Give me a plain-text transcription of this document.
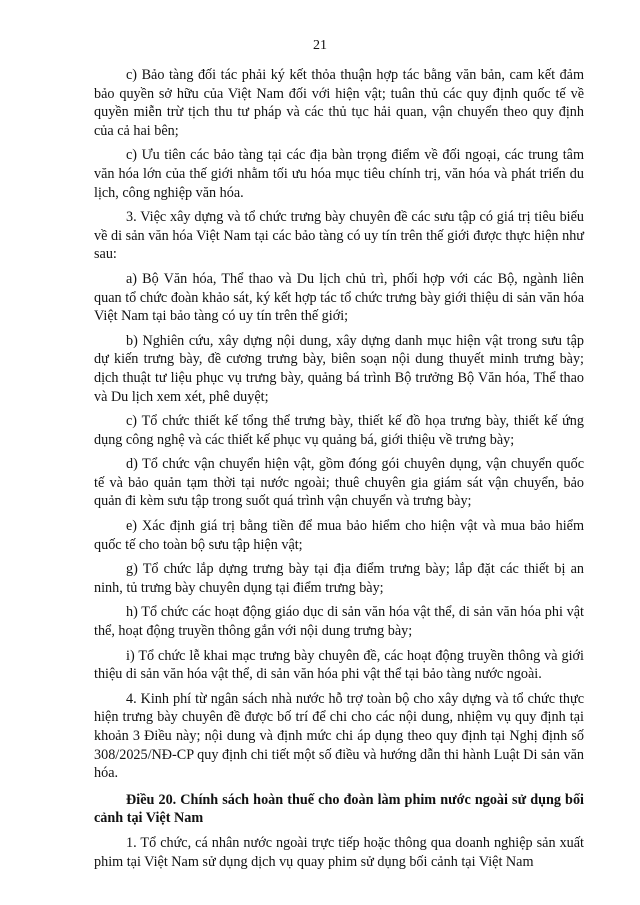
21

c) Bảo tàng đối tác phải ký kết thỏa thuận hợp tác bằng văn bản, cam kết đảm bảo quyền sở hữu của Việt Nam đối với hiện vật; tuân thủ các quy định quốc tế về quyền miễn trừ tịch thu tư pháp và các thủ tục hải quan, vận chuyển theo quy định của cả hai bên;

c) Ưu tiên các bảo tàng tại các địa bàn trọng điểm về đối ngoại, các trung tâm văn hóa lớn của thế giới nhằm tối ưu hóa mục tiêu chính trị, văn hóa và phát triển du lịch, công nghiệp văn hóa.

3. Việc xây dựng và tổ chức trưng bày chuyên đề các sưu tập có giá trị tiêu biểu về di sản văn hóa Việt Nam tại các bảo tàng có uy tín trên thế giới được thực hiện như sau:

a) Bộ Văn hóa, Thể thao và Du lịch chủ trì, phối hợp với các Bộ, ngành liên quan tổ chức đoàn khảo sát, ký kết hợp tác tổ chức trưng bày giới thiệu di sản văn hóa Việt Nam tại bảo tàng có uy tín trên thế giới;

b) Nghiên cứu, xây dựng nội dung, xây dựng danh mục hiện vật trong sưu tập dự kiến trưng bày, đề cương trưng bày, biên soạn nội dung thuyết minh trưng bày; dịch thuật tư liệu phục vụ trưng bày, quảng bá trình Bộ trưởng Bộ Văn hóa, Thể thao và Du lịch xem xét, phê duyệt;

c) Tổ chức thiết kế tổng thể trưng bày, thiết kế đồ họa trưng bày, thiết kế ứng dụng công nghệ và các thiết kế phục vụ quảng bá, giới thiệu về trưng bày;

d) Tổ chức vận chuyển hiện vật, gồm đóng gói chuyên dụng, vận chuyển quốc tế và bảo quản tạm thời tại nước ngoài; thuê chuyên gia giám sát vận chuyển, bảo quản đi kèm sưu tập trong suốt quá trình vận chuyển và trưng bày;

e) Xác định giá trị bằng tiền để mua bảo hiểm cho hiện vật và mua bảo hiểm quốc tế cho toàn bộ sưu tập hiện vật;

g) Tổ chức lắp dựng trưng bày tại địa điểm trưng bày; lắp đặt các thiết bị an ninh, tủ trưng bày chuyên dụng tại điểm trưng bày;

h) Tổ chức các hoạt động giáo dục di sản văn hóa vật thể, di sản văn hóa phi vật thể, hoạt động truyền thông gắn với nội dung trưng bày;

i) Tổ chức lễ khai mạc trưng bày chuyên đề, các hoạt động truyền thông và giới thiệu di sản văn hóa vật thể, di sản văn hóa phi vật thể tại bảo tàng nước ngoài.

4. Kinh phí từ ngân sách nhà nước hỗ trợ toàn bộ cho xây dựng và tổ chức thực hiện trưng bày chuyên đề được bố trí để chi cho các nội dung, nhiệm vụ quy định tại khoản 3 Điều này; nội dung và định mức chi áp dụng theo quy định tại Nghị định số 308/2025/NĐ-CP quy định chi tiết một số điều và hướng dẫn thi hành Luật Di sản văn hóa.

Điều 20. Chính sách hoàn thuế cho đoàn làm phim nước ngoài sử dụng bối cảnh tại Việt Nam

1. Tổ chức, cá nhân nước ngoài trực tiếp hoặc thông qua doanh nghiệp sản xuất phim tại Việt Nam sử dụng dịch vụ quay phim sử dụng bối cảnh tại Việt Nam
